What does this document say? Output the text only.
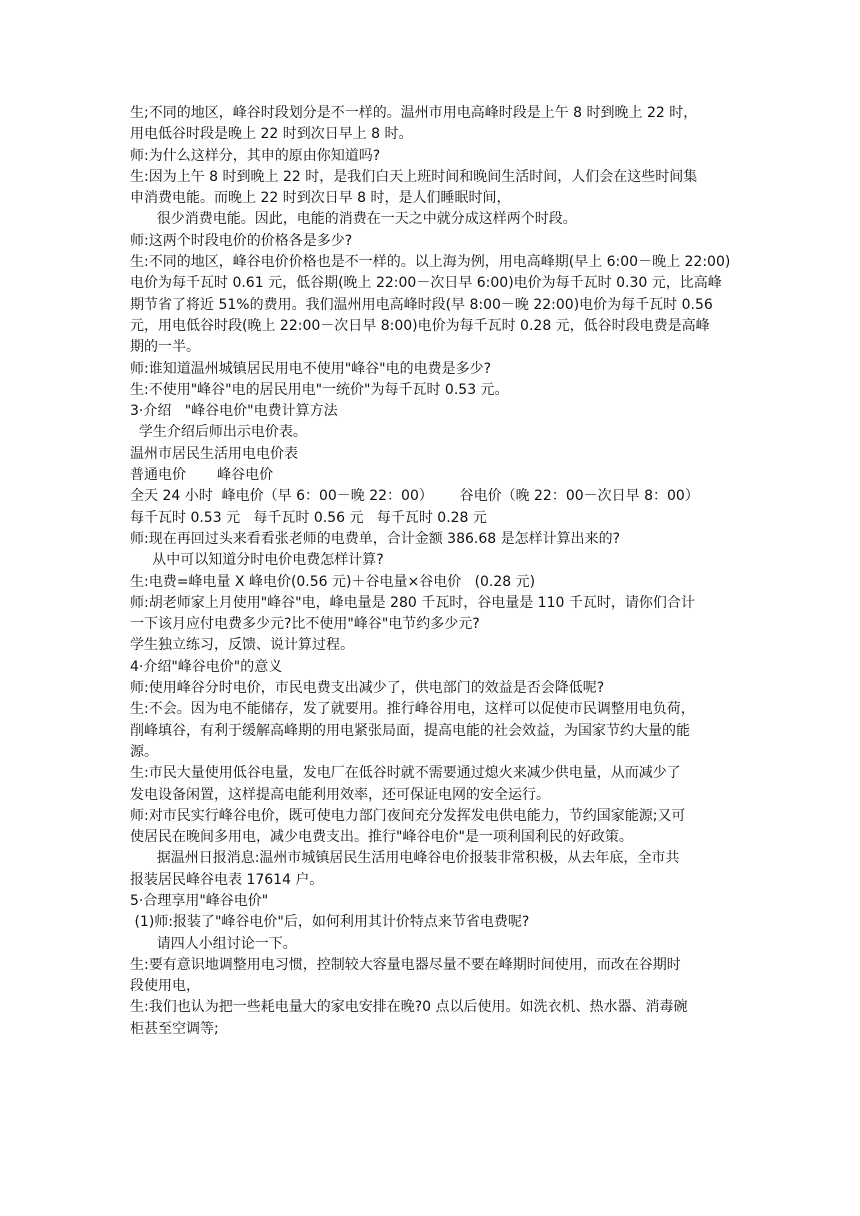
生;不同的地区，峰谷时段划分是不一样的。温州市用电高峰时段是上午 8 时到晚上 22 时，
用电低谷时段是晚上 22 时到次日早上 8 时。
师:为什么这样分，其申的原由你知道吗?
生:因为上午 8 时到晚上 22 时，是我们白天上班时间和晚间生活时间，人们会在这些时间集
申消费电能。而晚上 22 时到次日早 8 时，是人们睡眠时间，
很少消费电能。因此，电能的消费在一天之中就分成这样两个时段。
师:这两个时段电价的价格各是多少?
生:不同的地区，峰谷电价价格也是不一样的。以上海为例，用电高峰期(早上 6:00－晚上 22:00)
电价为每千瓦时 0.61 元，低谷期(晚上 22:00－次日早 6:00)电价为每千瓦时 0.30 元，比高峰
期节省了将近 51%的费用。我们温州用电高峰时段(早 8:00－晚 22:00)电价为每千瓦时 0.56
元，用电低谷时段(晚上 22:00－次日早 8:00)电价为每千瓦时 0.28 元，低谷时段电费是高峰
期的一半。
师:谁知道温州城镇居民用电不使用"峰谷"电的电费是多少?
生:不使用"峰谷"电的居民用电"一统价"为每千瓦时 0.53 元。
3·介绍   "峰谷电价"电费计算方法
学生介绍后师出示电价表。
温州市居民生活用电电价表
普通电价       峰谷电价
全天 24 小时  峰电价（早 6：00－晚 22：00）      谷电价（晚 22：00－次日早 8：00）
每千瓦时 0.53 元   每千瓦时 0.56 元   每千瓦时 0.28 元
师:现在再回过头来看看张老师的电费单，合计金额 386.68 是怎样计算出来的?
从中可以知道分时电价电费怎样计算?
生:电费=峰电量 X 峰电价(0.56 元)＋谷电量×谷电价   (0.28 元)
师:胡老师家上月使用"峰谷"电，峰电量是 280 千瓦时，谷电量是 110 千瓦时，请你们合计
一下该月应付电费多少元?比不使用"峰谷"电节约多少元?
学生独立练习，反馈、说计算过程。
4·介绍"峰谷电价"的意义
师:使用峰谷分时电价，市民电费支出减少了，供电部门的效益是否会降低呢?
生:不会。因为电不能储存，发了就要用。推行峰谷用电，这样可以促使市民调整用电负荷，
削峰填谷，有利于缓解高峰期的用电紧张局面，提高电能的社会效益，为国家节约大量的能
源。
生:市民大量使用低谷电量，发电厂在低谷时就不需要通过熄火来减少供电量，从而减少了
发电设备闲置，这样提高电能利用效率，还可保证电网的安全运行。
师:对市民实行峰谷电价，既可使电力部门夜间充分发挥发电供电能力，节约国家能源;又可
使居民在晚间多用电，减少电费支出。推行"峰谷电价"是一项利国利民的好政策。
据温州日报消息:温州市城镇居民生活用电峰谷电价报装非常积极，从去年底，全市共
报装居民峰谷电表 17614 户。
5·合理享用"峰谷电价"
(1)师:报装了"峰谷电价"后，如何利用其计价特点来节省电费呢?
请四人小组讨论一下。
生:要有意识地调整用电习惯，控制较大容量电器尽量不要在峰期时间使用，而改在谷期时
段使用电，
生:我们也认为把一些耗电量大的家电安排在晚?0 点以后使用。如洗衣机、热水器、消毒碗
柜甚至空调等;
